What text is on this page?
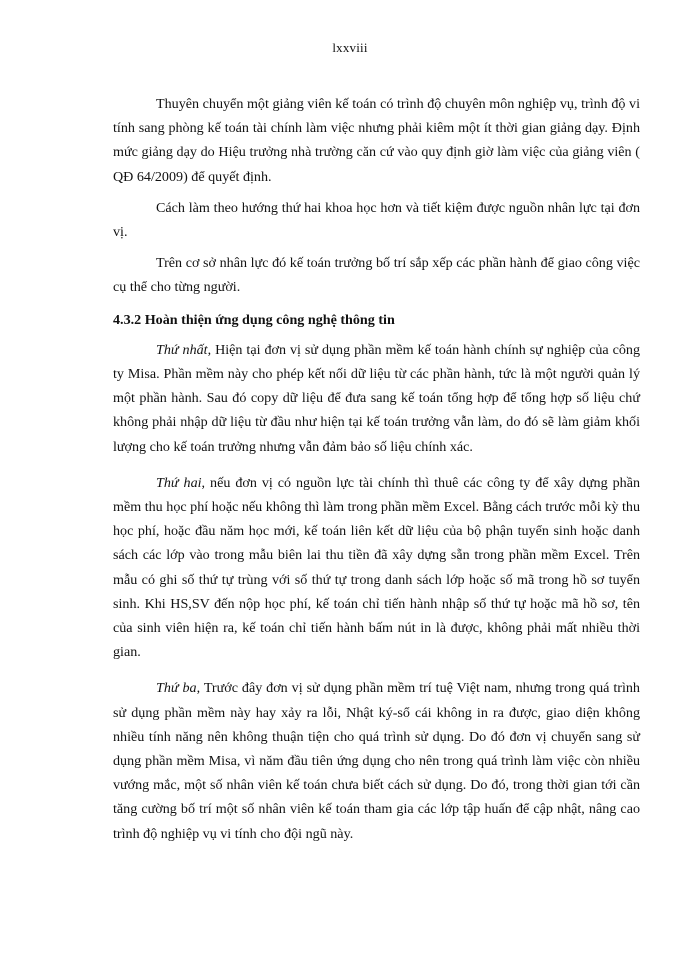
lxxviii

Thuyên chuyển một giảng viên kế toán có trình độ chuyên môn nghiệp vụ, trình độ vi tính sang phòng kế toán tài chính làm việc nhưng phải kiêm một ít thời gian giảng dạy. Định mức giảng dạy do Hiệu trưởng nhà trường căn cứ vào quy định giờ làm việc của giảng viên ( QĐ 64/2009) để quyết định.

Cách làm theo hướng thứ hai khoa học hơn và tiết kiệm được nguồn nhân lực tại đơn vị.

Trên cơ sở nhân lực đó kế toán trưởng bố trí sắp xếp các phần hành để giao công việc cụ thể cho từng người.

4.3.2 Hoàn thiện ứng dụng công nghệ thông tin

Thứ nhất, Hiện tại đơn vị sử dụng phần mềm kế toán hành chính sự nghiệp của công ty Misa. Phần mềm này cho phép kết nối dữ liệu từ các phần hành, tức là một người quản lý một phần hành. Sau đó copy dữ liệu để đưa sang kế toán tổng hợp để tổng hợp số liệu chứ không phải nhập dữ liệu từ đầu như hiện tại kế toán trưởng vẫn làm, do đó sẽ làm giảm khối lượng cho kế toán trưởng nhưng vẫn đảm bảo số liệu chính xác.

Thứ hai, nếu đơn vị có nguồn lực tài chính thì thuê các công ty để xây dựng phần mềm thu học phí hoặc nếu không thì làm trong phần mềm Excel. Bằng cách trước mỗi kỳ thu học phí, hoặc đầu năm học mới, kế toán liên kết dữ liệu của bộ phận tuyển sinh hoặc danh sách các lớp vào trong mẫu biên lai thu tiền đã xây dựng sẵn trong phần mềm Excel. Trên mẫu có ghi số thứ tự trùng với số thứ tự trong danh sách lớp hoặc số mã trong hồ sơ tuyển sinh. Khi HS,SV đến nộp học phí, kế toán chỉ tiến hành nhập số thứ tự hoặc mã hồ sơ, tên của sinh viên hiện ra, kế toán chỉ tiến hành bấm nút in là được, không phải mất nhiều thời gian.

Thứ ba, Trước đây đơn vị sử dụng phần mềm trí tuệ Việt nam, nhưng trong quá trình sử dụng phần mềm này hay xảy ra lỗi, Nhật ký-sổ cái không in ra được, giao diện không nhiều tính năng nên không thuận tiện cho quá trình sử dụng. Do đó đơn vị chuyển sang sử dụng phần mềm Misa, vì năm đầu tiên ứng dụng cho nên trong quá trình làm việc còn nhiều vướng mắc, một số nhân viên kế toán chưa biết cách sử dụng. Do đó, trong thời gian tới cần tăng cường bố trí một số nhân viên kế toán tham gia các lớp tập huấn để cập nhật, nâng cao trình độ nghiệp vụ vi tính cho đội ngũ này.
